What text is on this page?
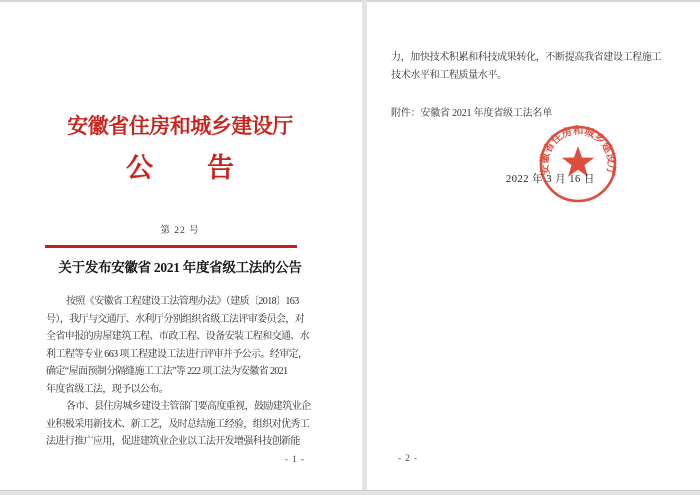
安徽省住房和城乡建设厅
公　　告
第 22 号
关于发布安徽省 2021 年度省级工法的公告
按照《安徽省工程建设工法管理办法》（建质〔2018〕163
号），我厅与交通厅、水利厅分别组织省级工法评审委员会，对
全省申报的房屋建筑工程、市政工程、设备安装工程和交通、水
利工程等专业 663 项工程建设工法进行评审并予公示。经审定，
确定“屋面预制分隔缝施工工法”等 222 项工法为安徽省 2021
年度省级工法，现予以公布。
各市、县住房城乡建设主管部门要高度重视，鼓励建筑业企
业积极采用新技术、新工艺，及时总结施工经验，组织对优秀工
法进行推广应用，促进建筑业企业以工法开发增强科技创新能
- 1 -
力，加快技术积累和科技成果转化，不断提高我省建设工程施工
技术水平和工程质量水平。
附件：安徽省 2021 年度省级工法名单
2022 年 3 月 16 日
安徽省住房和城乡建设厅
- 2 -
